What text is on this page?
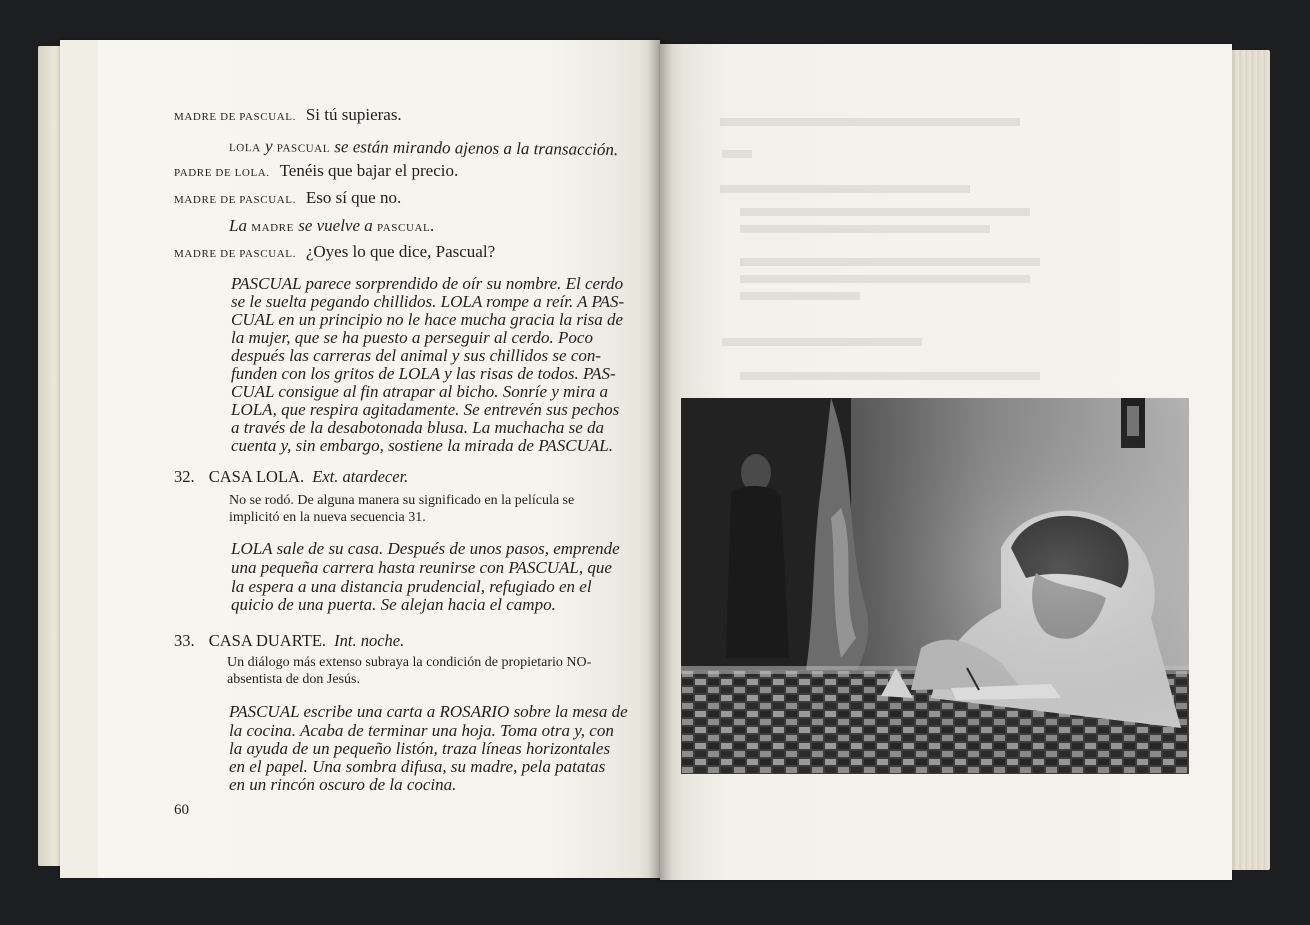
MADRE DE PASCUAL. Si tú supieras.
LOLA y PASCUAL se están mirando ajenos a la transacción.
PADRE DE LOLA. Tenéis que bajar el precio.
MADRE DE PASCUAL. Eso sí que no.
La MADRE se vuelve a PASCUAL.
MADRE DE PASCUAL. ¿Oyes lo que dice, Pascual?
PASCUAL parece sorprendido de oír su nombre. El cerdo
se le suelta pegando chillidos. LOLA rompe a reír. A PAS-
CUAL en un principio no le hace mucha gracia la risa de
la mujer, que se ha puesto a perseguir al cerdo. Poco
después las carreras del animal y sus chillidos se con-
funden con los gritos de LOLA y las risas de todos. PAS-
CUAL consigue al fin atrapar al bicho. Sonríe y mira a
LOLA, que respira agitadamente. Se entrevén sus pechos
a través de la desabotonada blusa. La muchacha se da
cuenta y, sin embargo, sostiene la mirada de PASCUAL.
32. CASA LOLA. Ext. atardecer.
No se rodó. De alguna manera su significado en la película se
implicitó en la nueva secuencia 31.
LOLA sale de su casa. Después de unos pasos, emprende
una pequeña carrera hasta reunirse con PASCUAL, que
la espera a una distancia prudencial, refugiado en el
quicio de una puerta. Se alejan hacia el campo.
33. CASA DUARTE. Int. noche.
Un diálogo más extenso subraya la condición de propietario NO-
absentista de don Jesús.
PASCUAL escribe una carta a ROSARIO sobre la mesa de
la cocina. Acaba de terminar una hoja. Toma otra y, con
la ayuda de un pequeño listón, traza líneas horizontales
en el papel. Una sombra difusa, su madre, pela patatas
en un rincón oscuro de la cocina.
60
